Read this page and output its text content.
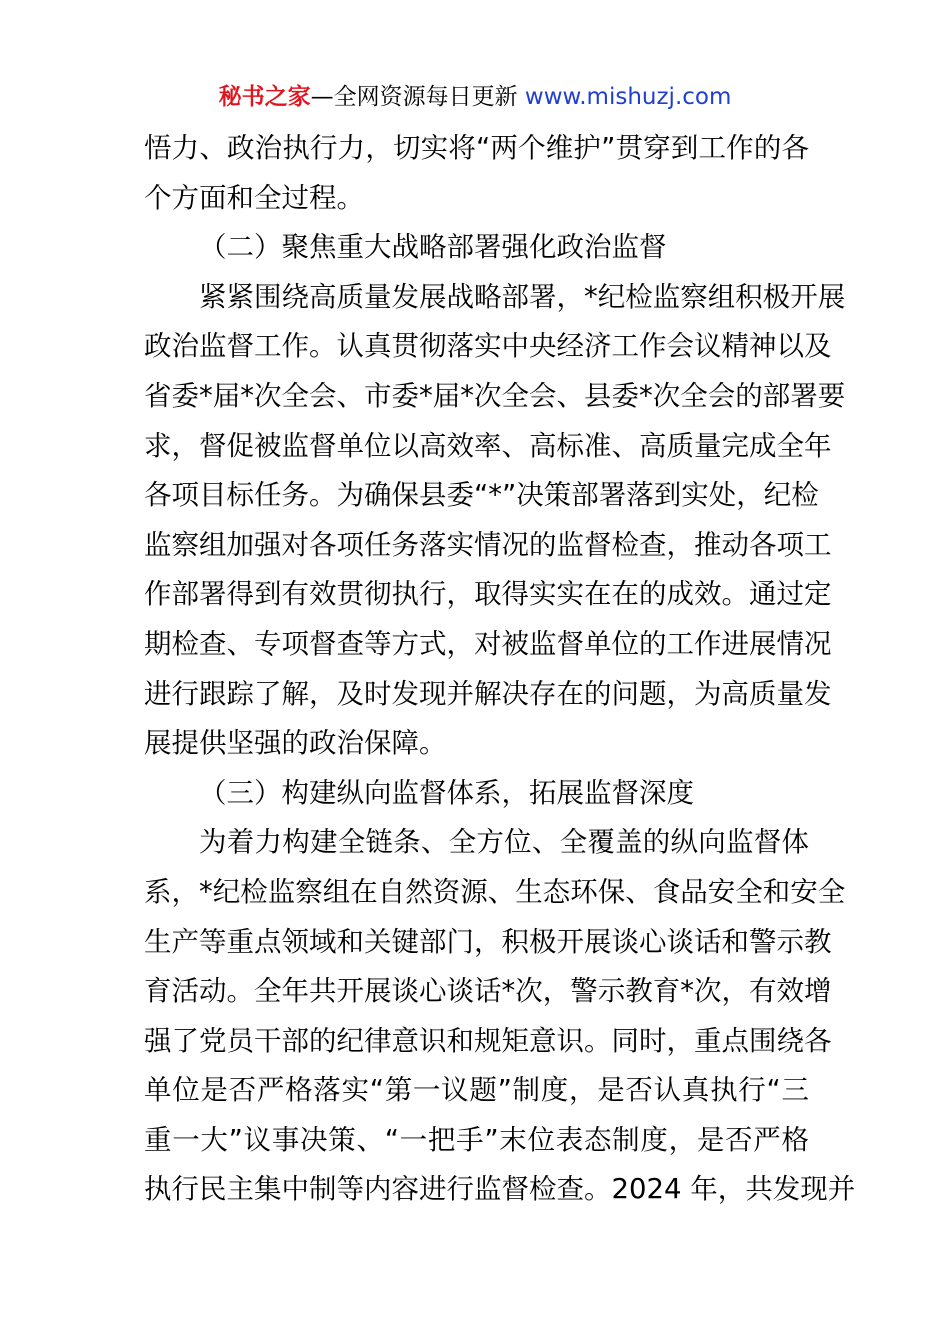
秘书之家—全网资源每日更新 www.mishuzj.com
悟力、政治执行力，切实将“两个维护”贯穿到工作的各
个方面和全过程。
（二）聚焦重大战略部署强化政治监督
紧紧围绕高质量发展战略部署，*纪检监察组积极开展
政治监督工作。认真贯彻落实中央经济工作会议精神以及
省委*届*次全会、市委*届*次全会、县委*次全会的部署要
求，督促被监督单位以高效率、高标准、高质量完成全年
各项目标任务。为确保县委“*”决策部署落到实处，纪检
监察组加强对各项任务落实情况的监督检查，推动各项工
作部署得到有效贯彻执行，取得实实在在的成效。通过定
期检查、专项督查等方式，对被监督单位的工作进展情况
进行跟踪了解，及时发现并解决存在的问题，为高质量发
展提供坚强的政治保障。
（三）构建纵向监督体系，拓展监督深度
为着力构建全链条、全方位、全覆盖的纵向监督体
系，*纪检监察组在自然资源、生态环保、食品安全和安全
生产等重点领域和关键部门，积极开展谈心谈话和警示教
育活动。全年共开展谈心谈话*次，警示教育*次，有效增
强了党员干部的纪律意识和规矩意识。同时，重点围绕各
单位是否严格落实“第一议题”制度，是否认真执行“三
重一大”议事决策、“一把手”末位表态制度，是否严格
执行民主集中制等内容进行监督检查。2024 年，共发现并
